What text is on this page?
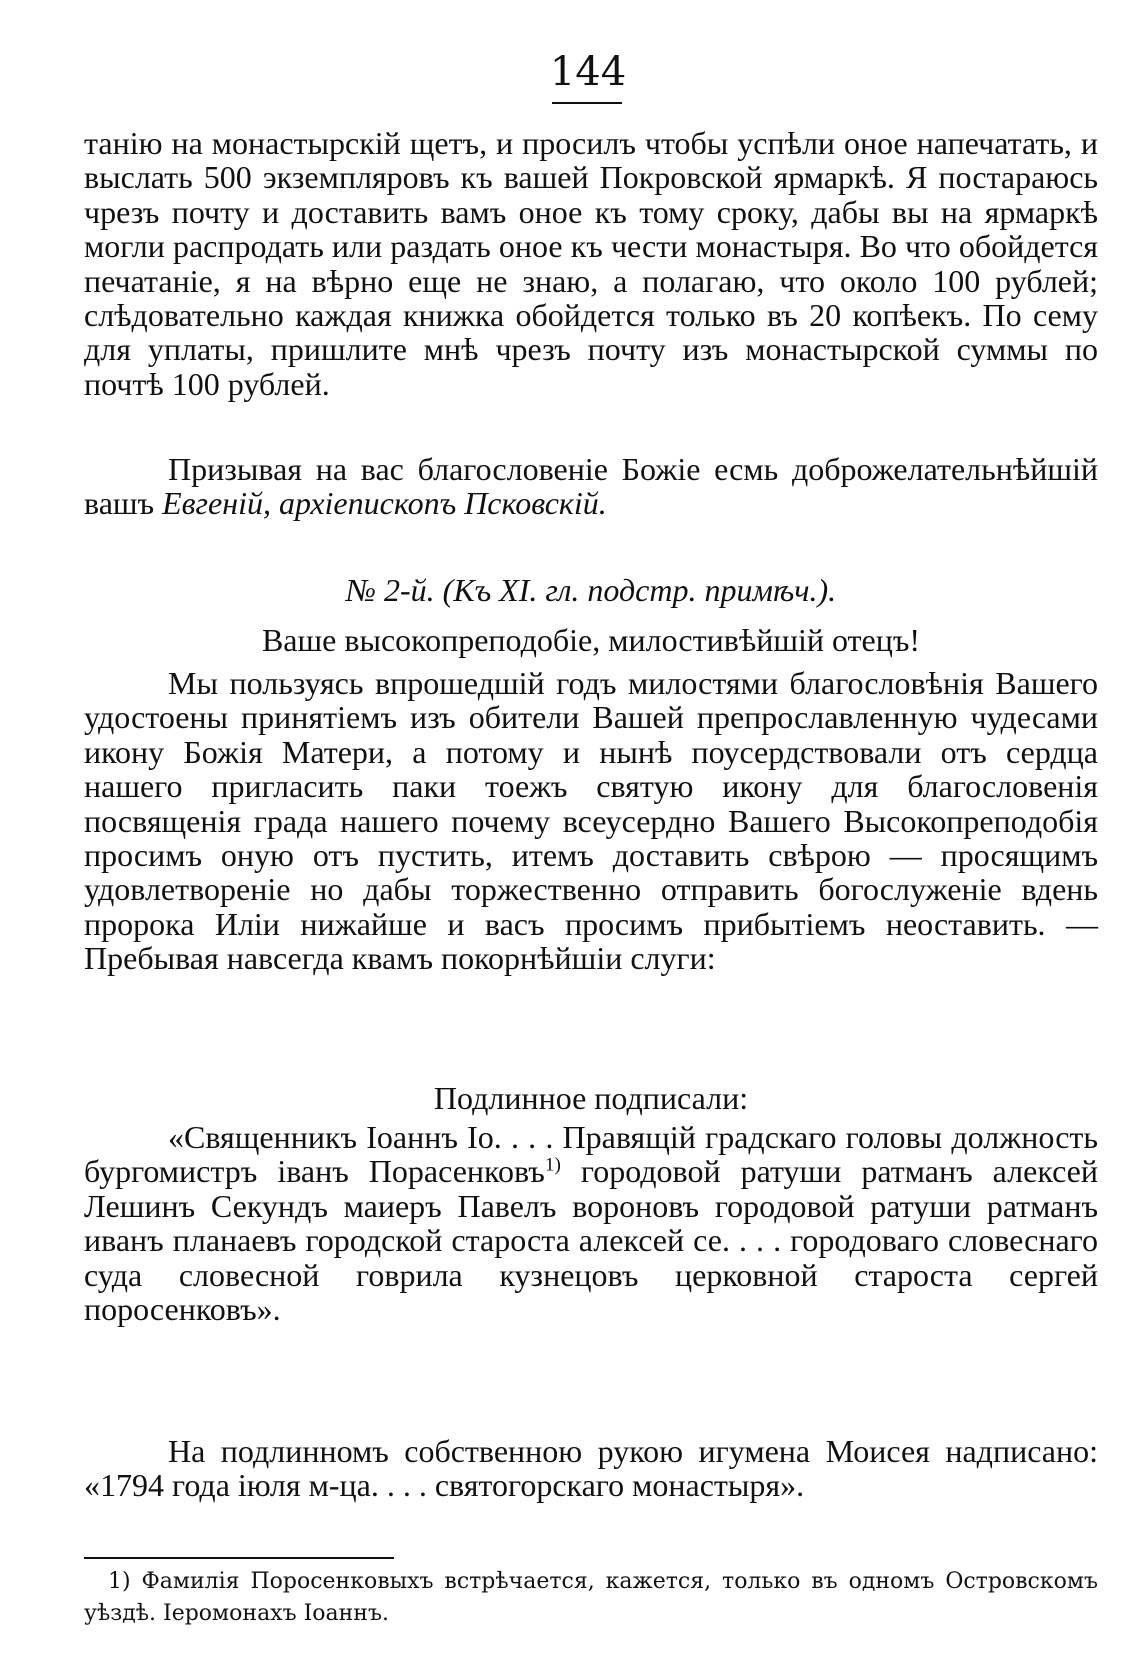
144

танію на монастырскій щетъ, и просилъ чтобы успѣли оное напечатать, и выслать 500 экземпляровъ къ вашей Покровской ярмаркѣ. Я постараюсь чрезъ почту и доставить вамъ оное къ тому сроку, дабы вы на ярмаркѣ могли распродать или раздать оное къ чести монастыря. Во что обойдется печатаніе, я на вѣрно еще не знаю, а полагаю, что около 100 рублей; слѣдовательно каждая книжка обойдется только въ 20 копѣекъ. По сему для уплаты, пришлите мнѣ чрезъ почту изъ монастырской суммы по почтѣ 100 рублей.

Призывая на вас благословеніе Божіе есмь доброжелательнѣйшій вашъ Евгеній, архіепископъ Псковскій.

№ 2-й. (Къ XI. гл. подстр. примѣч.).
Ваше высокопреподобіе, милостивѣйшій отецъ!

Мы пользуясь впрошедшій годъ милостями благословѣнія Вашего удостоены принятіемъ изъ обители Вашей препрославленную чудесами икону Божія Матери, а потому и нынѣ поусердствовали отъ сердца нашего пригласить паки тоежъ святую икону для благословенія посвященія града нашего почему всеусердно Вашего Высокопреподобія просимъ оную отъ пустить, итемъ доставить свѣрою — просящимъ удовлетвореніе но дабы торжественно отправить богослуженіе вдень пророка Иліи нижайше и васъ просимъ прибытіемъ неоставить. — Пребывая навсегда квамъ покорнѣйшіи слуги:

Подлинное подписали:

«Священникъ Іоаннъ Іо. . . . Правящій градскаго головы должность бургомистръ іванъ Порасенковъ$^{1)}$ городовой ратуши ратманъ алексей Лешинъ Секундъ маиеръ Павелъ вороновъ городовой ратуши ратманъ иванъ планаевъ городской староста алексей се. . . . городоваго словеснаго суда словесной говрила кузнецовъ церковной староста сергей поросенковъ».

На подлинномъ собственною рукою игумена Моисея надписано: «1794 года іюля м-ца. . . . святогорскаго монастыря».

1) Фамилія Поросенковыхъ встрѣчается, кажется, только въ одномъ Островскомъ уѣздѣ. Іеромонахъ Іоаннъ.
